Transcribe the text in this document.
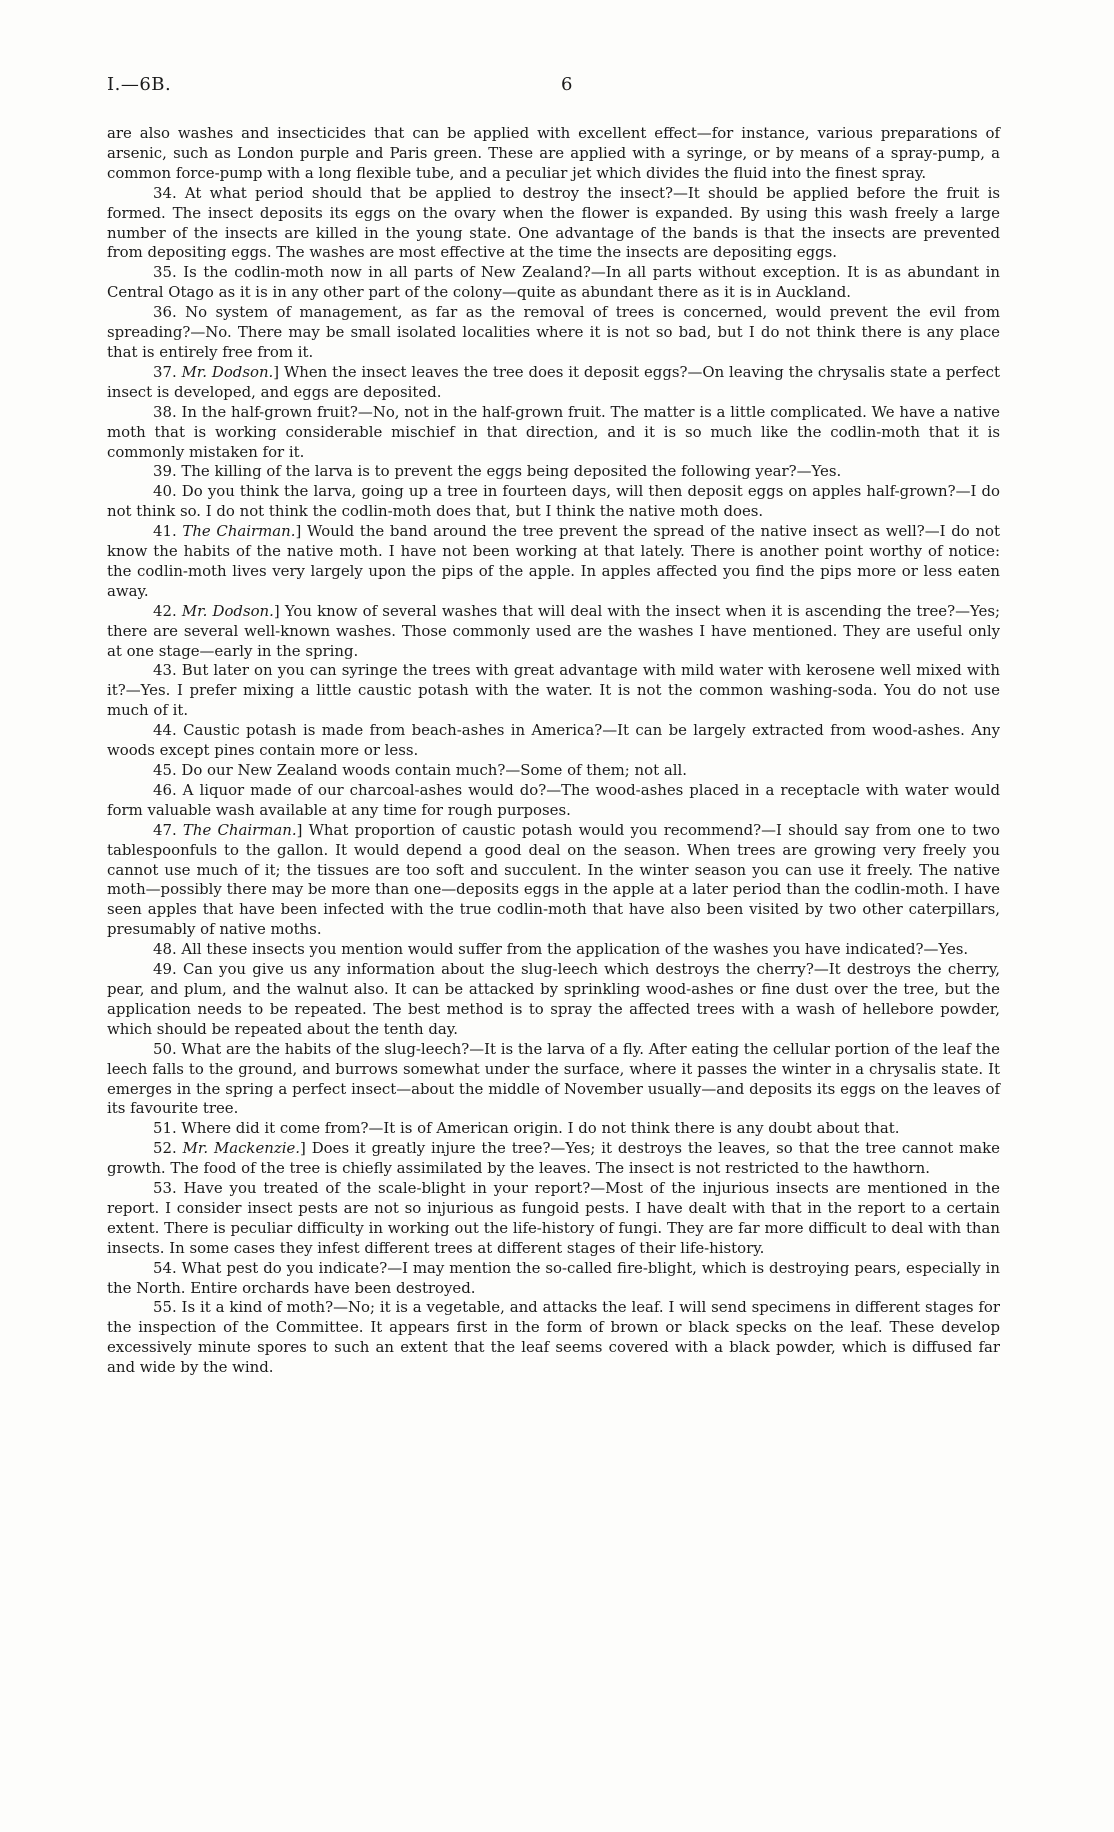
I.—6B.	6

are also washes and insecticides that can be applied with excellent effect—for instance, various preparations of arsenic, such as London purple and Paris green. These are applied with a syringe, or by means of a spray-pump, a common force-pump with a long flexible tube, and a peculiar jet which divides the fluid into the finest spray.

34. At what period should that be applied to destroy the insect?—It should be applied before the fruit is formed. The insect deposits its eggs on the ovary when the flower is expanded. By using this wash freely a large number of the insects are killed in the young state. One advantage of the bands is that the insects are prevented from depositing eggs. The washes are most effective at the time the insects are depositing eggs.

35. Is the codlin-moth now in all parts of New Zealand?—In all parts without exception. It is as abundant in Central Otago as it is in any other part of the colony—quite as abundant there as it is in Auckland.

36. No system of management, as far as the removal of trees is concerned, would prevent the evil from spreading?—No. There may be small isolated localities where it is not so bad, but I do not think there is any place that is entirely free from it.

37. Mr. Dodson.] When the insect leaves the tree does it deposit eggs?—On leaving the chrysalis state a perfect insect is developed, and eggs are deposited.

38. In the half-grown fruit?—No, not in the half-grown fruit. The matter is a little complicated. We have a native moth that is working considerable mischief in that direction, and it is so much like the codlin-moth that it is commonly mistaken for it.

39. The killing of the larva is to prevent the eggs being deposited the following year?—Yes.

40. Do you think the larva, going up a tree in fourteen days, will then deposit eggs on apples half-grown?—I do not think so. I do not think the codlin-moth does that, but I think the native moth does.

41. The Chairman.] Would the band around the tree prevent the spread of the native insect as well?—I do not know the habits of the native moth. I have not been working at that lately. There is another point worthy of notice: the codlin-moth lives very largely upon the pips of the apple. In apples affected you find the pips more or less eaten away.

42. Mr. Dodson.] You know of several washes that will deal with the insect when it is ascending the tree?—Yes; there are several well-known washes. Those commonly used are the washes I have mentioned. They are useful only at one stage—early in the spring.

43. But later on you can syringe the trees with great advantage with mild water with kerosene well mixed with it?—Yes. I prefer mixing a little caustic potash with the water. It is not the common washing-soda. You do not use much of it.

44. Caustic potash is made from beach-ashes in America?—It can be largely extracted from wood-ashes. Any woods except pines contain more or less.

45. Do our New Zealand woods contain much?—Some of them; not all.

46. A liquor made of our charcoal-ashes would do?—The wood-ashes placed in a receptacle with water would form valuable wash available at any time for rough purposes.

47. The Chairman.] What proportion of caustic potash would you recommend?—I should say from one to two tablespoonfuls to the gallon. It would depend a good deal on the season. When trees are growing very freely you cannot use much of it; the tissues are too soft and succulent. In the winter season you can use it freely. The native moth—possibly there may be more than one—deposits eggs in the apple at a later period than the codlin-moth. I have seen apples that have been infected with the true codlin-moth that have also been visited by two other caterpillars, presumably of native moths.

48. All these insects you mention would suffer from the application of the washes you have indicated?—Yes.

49. Can you give us any information about the slug-leech which destroys the cherry?—It destroys the cherry, pear, and plum, and the walnut also. It can be attacked by sprinkling wood-ashes or fine dust over the tree, but the application needs to be repeated. The best method is to spray the affected trees with a wash of hellebore powder, which should be repeated about the tenth day.

50. What are the habits of the slug-leech?—It is the larva of a fly. After eating the cellular portion of the leaf the leech falls to the ground, and burrows somewhat under the surface, where it passes the winter in a chrysalis state. It emerges in the spring a perfect insect—about the middle of November usually—and deposits its eggs on the leaves of its favourite tree.

51. Where did it come from?—It is of American origin. I do not think there is any doubt about that.

52. Mr. Mackenzie.] Does it greatly injure the tree?—Yes; it destroys the leaves, so that the tree cannot make growth. The food of the tree is chiefly assimilated by the leaves. The insect is not restricted to the hawthorn.

53. Have you treated of the scale-blight in your report?—Most of the injurious insects are mentioned in the report. I consider insect pests are not so injurious as fungoid pests. I have dealt with that in the report to a certain extent. There is peculiar difficulty in working out the life-history of fungi. They are far more difficult to deal with than insects. In some cases they infest different trees at different stages of their life-history.

54. What pest do you indicate?—I may mention the so-called fire-blight, which is destroying pears, especially in the North. Entire orchards have been destroyed.

55. Is it a kind of moth?—No; it is a vegetable, and attacks the leaf. I will send specimens in different stages for the inspection of the Committee. It appears first in the form of brown or black specks on the leaf. These develop excessively minute spores to such an extent that the leaf seems covered with a black powder, which is diffused far and wide by the wind.
